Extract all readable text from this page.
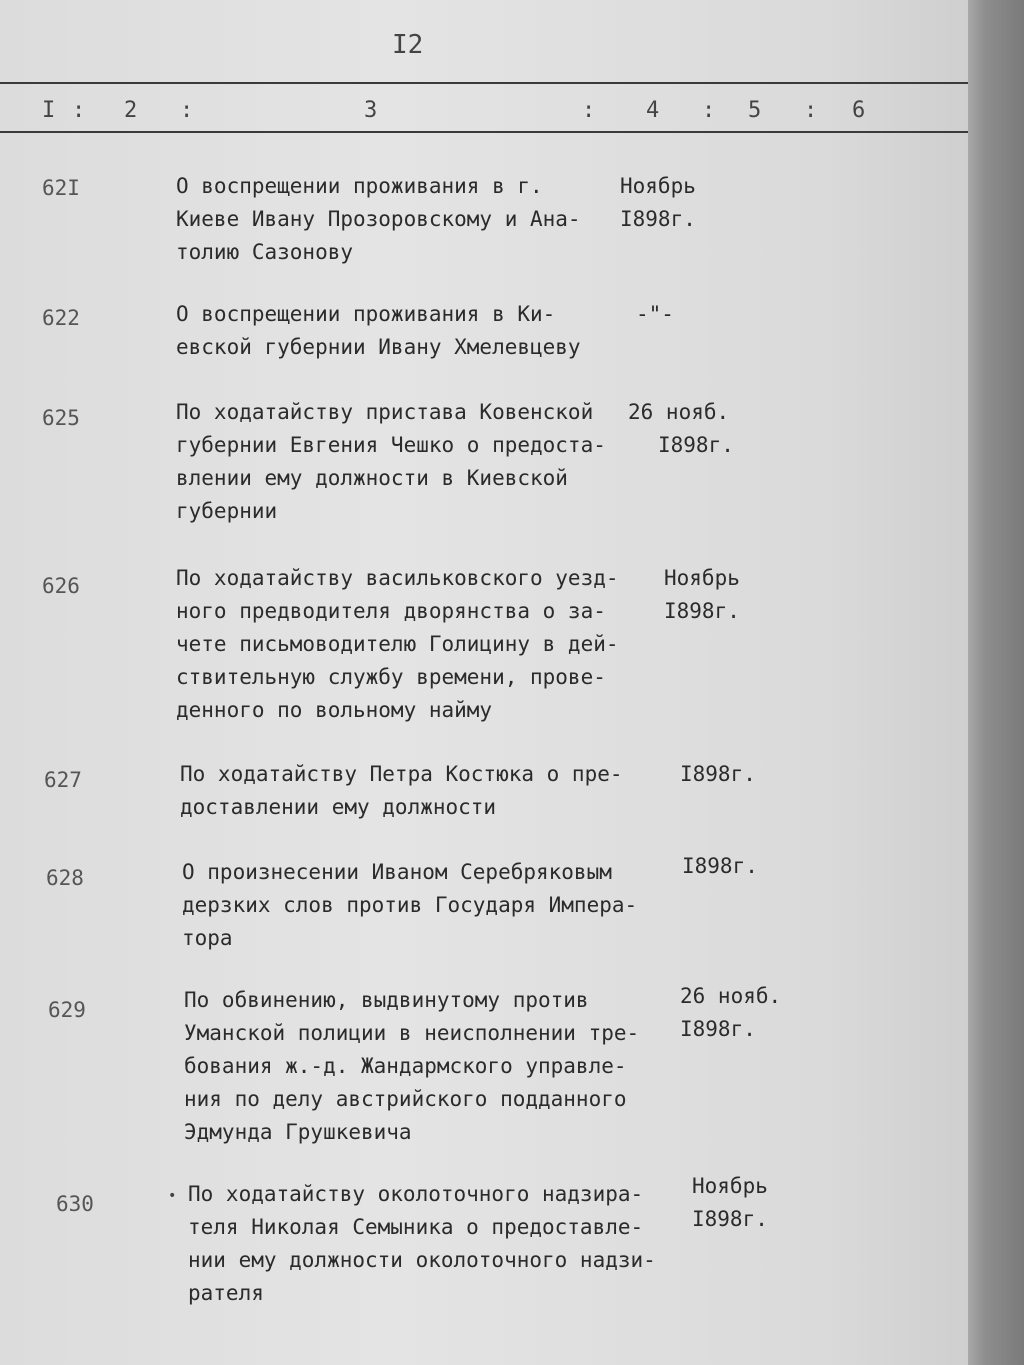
I2
I : 2 :	3	: 4 : 5 : 6
62I	О воспрещении проживания в г.
Киеве Ивану Прозоровскому и Ана-
толию Сазонову
Ноябрь
I898г.
622	О воспрещении проживания в Ки-
евской губернии Ивану Хмелевцеву
-"-
625	По ходатайству пристава Ковенской
губернии Евгения Чешко о предоста-
влении ему должности в Киевской
губернии
26 нояб.
I898г.
626	По ходатайству васильковского уезд-
ного предводителя дворянства о за-
чете письмоводителю Голицину в дей-
ствительную службу времени, прове-
денного по вольному найму
Ноябрь
I898г.
627	По ходатайству Петра Костюка о пре-
доставлении ему должности
I898г.
628	О произнесении Иваном Серебряковым
дерзких слов против Государя Импера-
тора
I898г.
629	По обвинению, выдвинутому против
Уманской полиции в неисполнении тре-
бования ж.-д. Жандармского управле-
ния по делу австрийского подданного
Эдмунда Грушкевича
26 нояб.
I898г.
•
630	По ходатайству околоточного надзира-
теля Николая Семыника о предоставле-
нии ему должности околоточного надзи-
рателя
Ноябрь
I898г.
